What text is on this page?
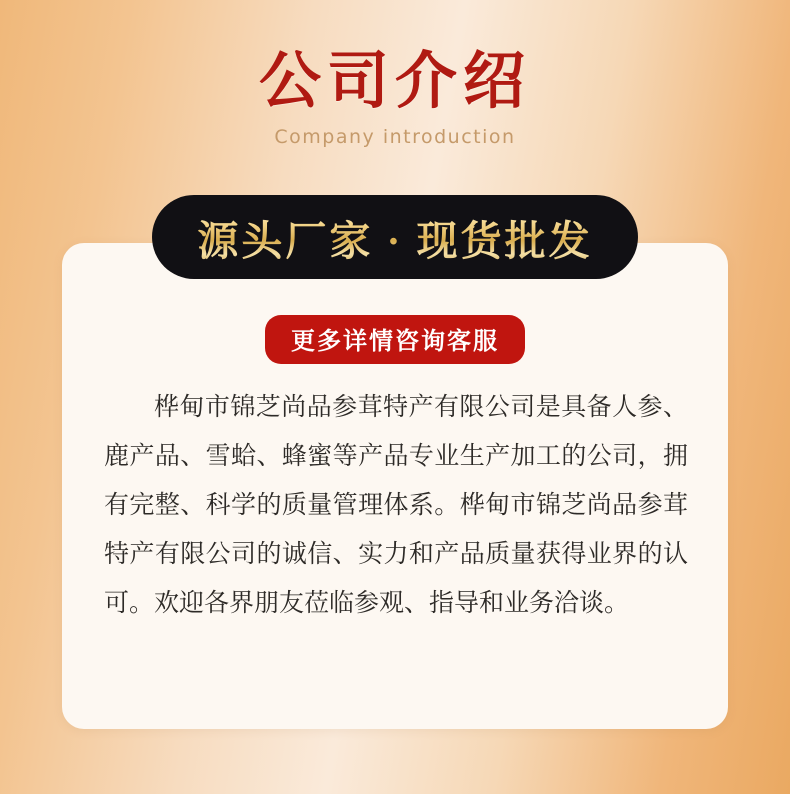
公司介绍
Company introduction
源头厂家 · 现货批发
更多详情咨询客服
桦甸市锦芝尚品参茸特产有限公司是具备人参、鹿产品、雪蛤、蜂蜜等产品专业生产加工的公司，拥有完整、科学的质量管理体系。桦甸市锦芝尚品参茸特产有限公司的诚信、实力和产品质量获得业界的认可。欢迎各界朋友莅临参观、指导和业务洽谈。
